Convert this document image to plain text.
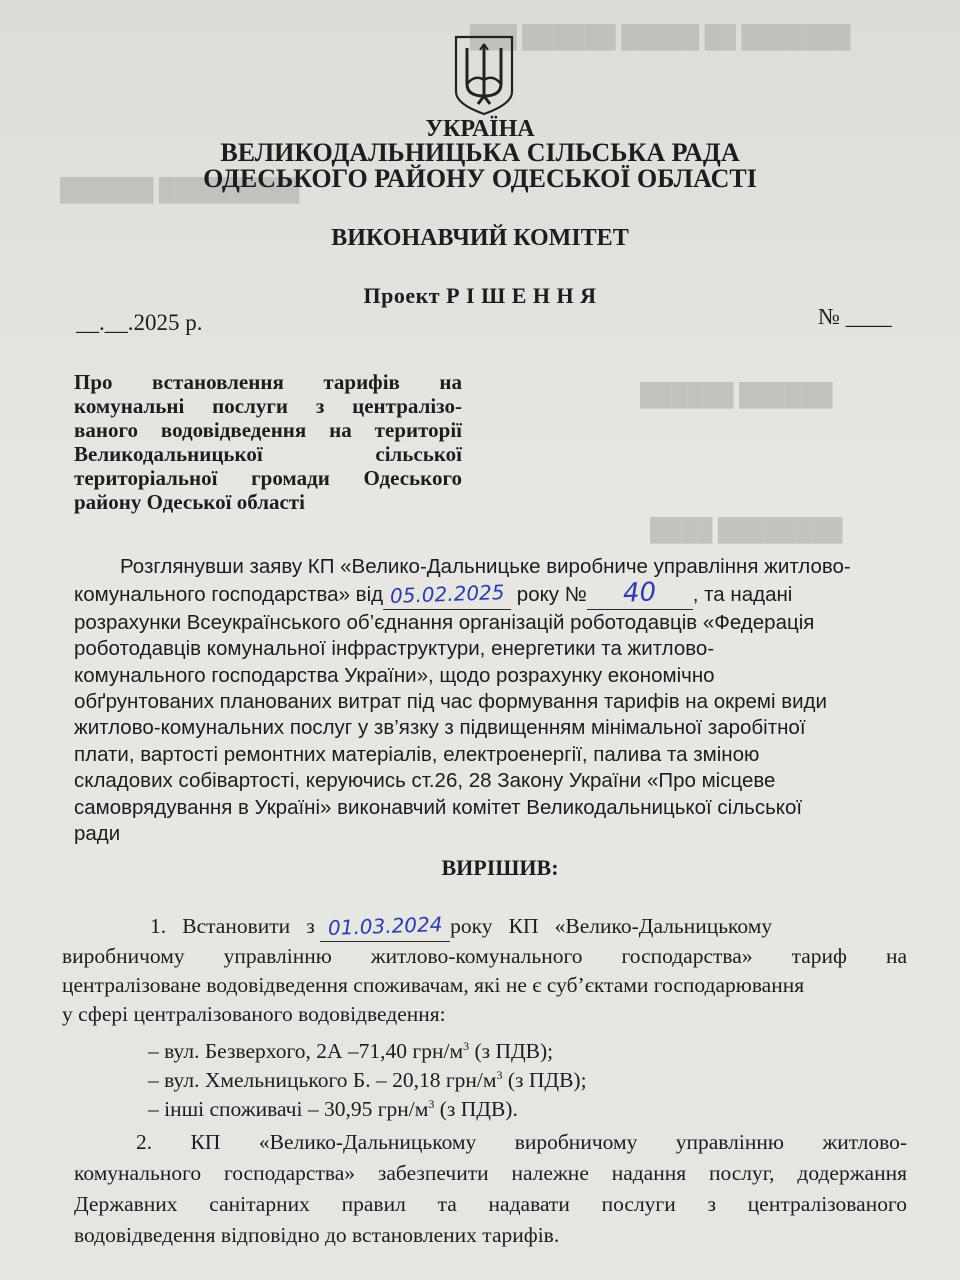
███████ ██ █████ ██████ ███
█████████ ██████
██████ ██████
████████ ████
УКРАЇНА
ВЕЛИКОДАЛЬНИЦЬКА СІЛЬСЬКА РАДА
ОДЕСЬКОГО РАЙОНУ ОДЕСЬКОЇ ОБЛАСТІ
ВИКОНАВЧИЙ КОМІТЕТ
Проект Р І Ш Е Н Н Я
__.__.2025 р.	№ ____
Про встановлення тарифів на
комунальні послуги з централізо-
ваного водовідведення на території
Великодальницької сільської
територіальної громади Одеського
району Одеської області
Розглянувши заяву КП «Велико-Дальницьке виробниче управління житлово-
комунального господарства» від 05.02.2025 року № 40 , та надані
розрахунки Всеукраїнського об’єднання організацій роботодавців «Федерація
роботодавців комунальної інфраструктури, енергетики та житлово-
комунального господарства України», щодо розрахунку економічно
обґрунтованих планованих витрат під час формування тарифів на окремі види
житлово-комунальних послуг у зв’язку з підвищенням мінімальної заробітної
плати, вартості ремонтних матеріалів, електроенергії, палива та зміною
складових собівартості, керуючись ст.26, 28 Закону України «Про місцеве
самоврядування в Україні» виконавчий комітет Великодальницької сільської
ради
ВИРІШИВ:
1.   Встановити   з 01.03.2024 року   КП   «Велико-Дальницькому
виробничому управлінню житлово-комунального господарства» тариф на
централізоване водовідведення споживачам, які не є суб’єктами господарювання
у сфері централізованого водовідведення:
– вул. Безверхого, 2А –71,40 грн/$м^3$ (з ПДВ);
– вул. Хмельницького Б. – 20,18 грн/$м^3$ (з ПДВ);
– інші споживачі – 30,95 грн/$м^3$ (з ПДВ).
2. КП «Велико-Дальницькому виробничому управлінню житлово-
комунального господарства» забезпечити належне надання послуг, додержання
Державних санітарних правил та надавати послуги з централізованого
водовідведення відповідно до встановлених тарифів.
